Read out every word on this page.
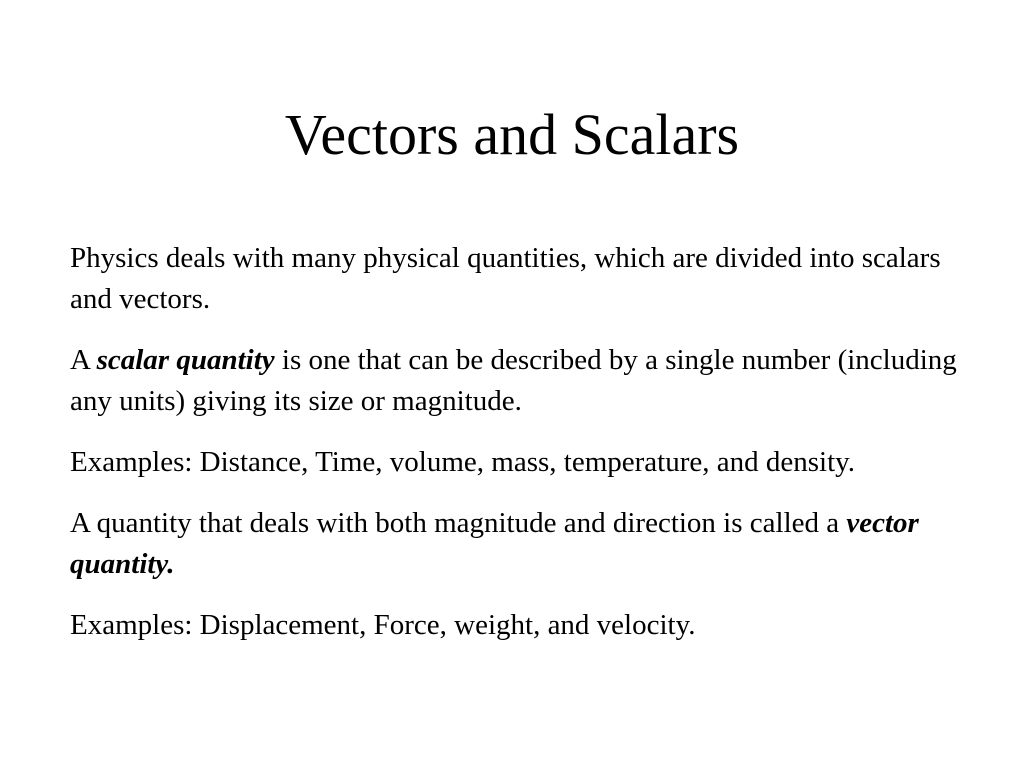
Vectors and Scalars

Physics deals with many physical quantities, which are divided into scalars and vectors.

A scalar quantity is one that can be described by a single number (including any units) giving its size or magnitude.

Examples: Distance, Time, volume, mass, temperature, and density.

A quantity that deals with both magnitude and direction is called a vector quantity.

Examples: Displacement, Force, weight, and velocity.
